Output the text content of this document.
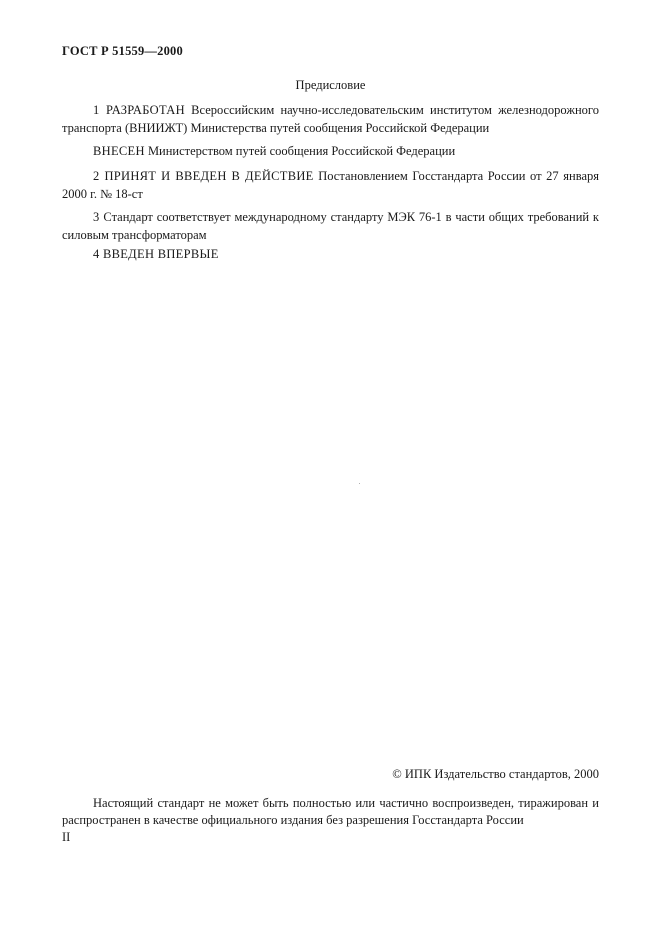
ГОСТ Р 51559—2000
Предисловие
1 РАЗРАБОТАН Всероссийским научно-исследовательским институтом железнодорожного транспорта (ВНИИЖТ) Министерства путей сообщения Российской Федерации
ВНЕСЕН Министерством путей сообщения Российской Федерации
2 ПРИНЯТ И ВВЕДЕН В ДЕЙСТВИЕ Постановлением Госстандарта России от 27 января 2000 г. № 18-ст
3 Стандарт соответствует международному стандарту МЭК 76-1 в части общих требований к силовым трансформаторам
4 ВВЕДЕН ВПЕРВЫЕ
© ИПК Издательство стандартов, 2000
Настоящий стандарт не может быть полностью или частично воспроизведен, тиражирован и распространен в качестве официального издания без разрешения Госстандарта России
II
